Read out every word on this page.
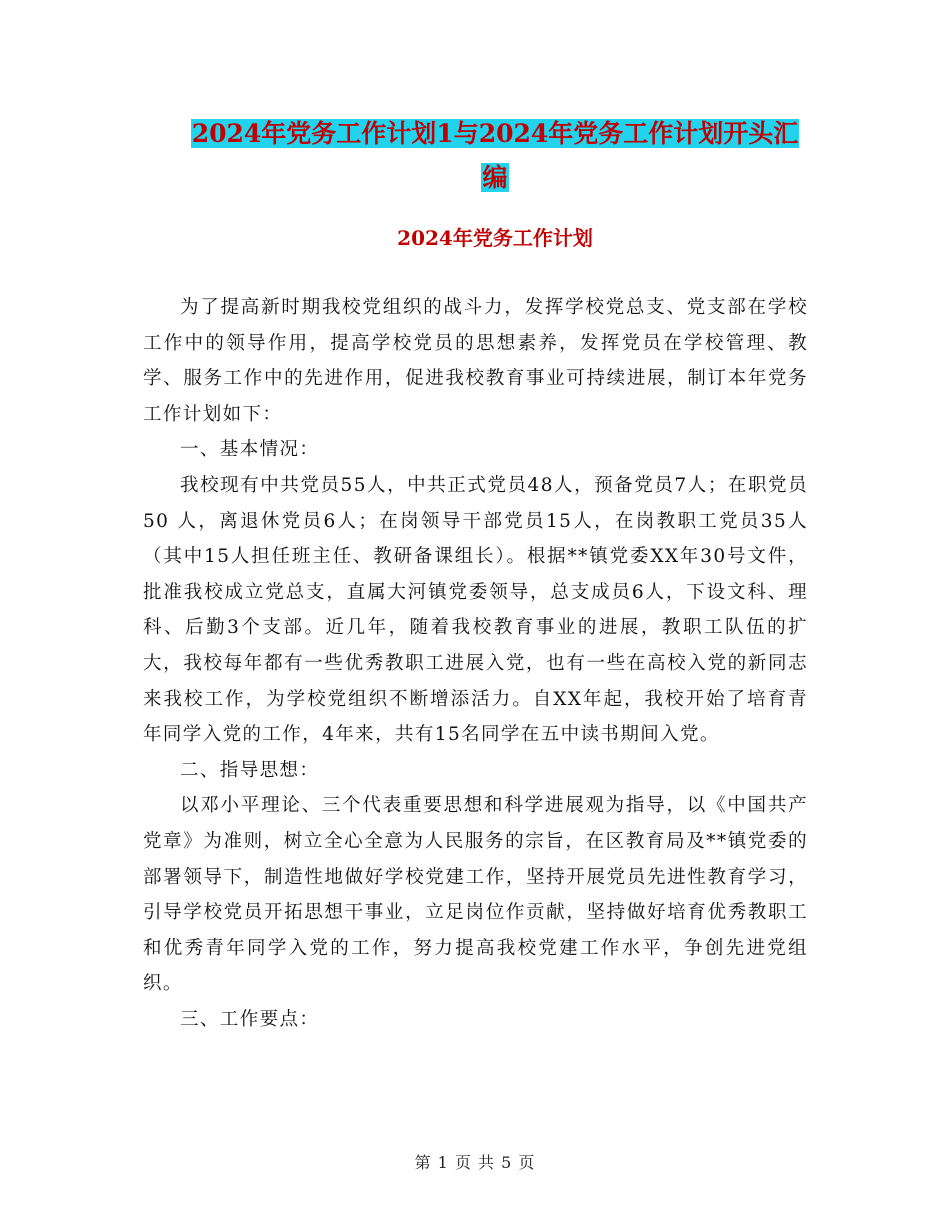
2024年党务工作计划1与2024年党务工作计划开头汇
编
2024年党务工作计划

为了提高新时期我校党组织的战斗力，发挥学校党总支、党支部在学校工作中的领导作用，提高学校党员的思想素养，发挥党员在学校管理、教学、服务工作中的先进作用，促进我校教育事业可持续进展，制订本年党务工作计划如下：

一、基本情况：

我校现有中共党员55人，中共正式党员48人，预备党员7人；在职党员50 人，离退休党员6人；在岗领导干部党员15人，在岗教职工党员35人（其中15人担任班主任、教研备课组长）。根据**镇党委XX年30号文件，批准我校成立党总支，直属大河镇党委领导，总支成员6人，下设文科、理科、后勤3个支部。近几年，随着我校教育事业的进展，教职工队伍的扩大，我校每年都有一些优秀教职工进展入党，也有一些在高校入党的新同志来我校工作，为学校党组织不断增添活力。自XX年起，我校开始了培育青年同学入党的工作，4年来，共有15名同学在五中读书期间入党。

二、指导思想：

以邓小平理论、三个代表重要思想和科学进展观为指导，以《中国共产党章》为准则，树立全心全意为人民服务的宗旨，在区教育局及**镇党委的部署领导下，制造性地做好学校党建工作，坚持开展党员先进性教育学习，引导学校党员开拓思想干事业，立足岗位作贡献，坚持做好培育优秀教职工和优秀青年同学入党的工作，努力提高我校党建工作水平，争创先进党组织。

三、工作要点：

第 1 页 共 5 页
